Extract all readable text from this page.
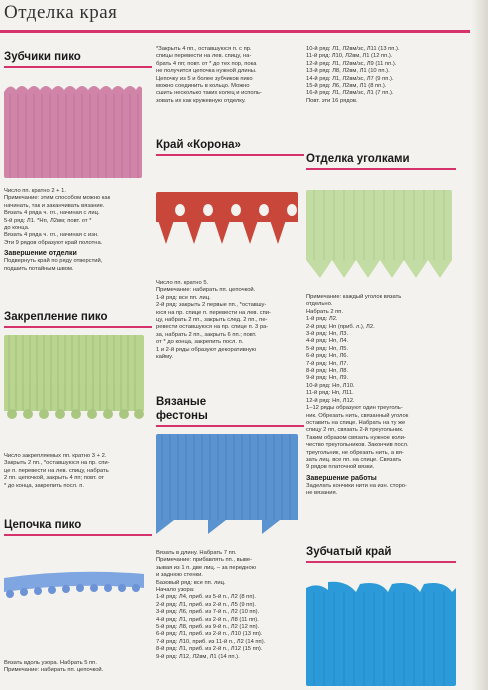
Отделка края

Зубчики пико

Число пп. кратно 2 + 1.
Примечание: этим способом можно как
начинать, так и заканчивать вязание.
Вязать 4 ряда ч. гл., начиная с лиц.
5-й ряд: Л1. *Нп, Л2вм; повт. от *
до конца.
Вязать 4 ряда ч. гл., начиная с изн.
Эти 9 рядов образуют край полотна.

Завершение отделки

Подвернуть край по ряду отверстий,
подшить потайным швом.

Закрепление пико

Число закрепляемых пп. кратно 3 + 2.
Закрыть 2 пп., *оставшуюся на пр. спи-
це п. перевести на лев. спицу, набрать
2 пп. цепочкой, закрыть 4 пп; повт. от
* до конца, закрепить посл. п.

Цепочка пико

Вязать вдоль узора. Набрать 5 пп.
Примечание: набирать пп. цепочкой.

*Закрыть 4 пп., оставшуюся п. с пр.
спицы перевести на лев. спицу, на-
брать 4 пп; повт. от * до тех пор, пока
не получится цепочка нужной длины.
Цепочку из 5 и более зубчиков пико
можно соединить в кольцо. Можно
сшить несколько таких колец и исполь-
зовать их как кружевную отделку.

Край «Корона»

Число пп. кратно 5.
Примечание: набирать пп. цепочкой.
1-й ряд: все пп. лиц.
2-й ряд: закрыть 2 первые пп., *оставшу-
юся на пр. спице п. перевести на лев. спи-
цу, набрать 2 пп., закрыть след. 2 пп., пе-
ревести оставшуюся на пр. спице п. 3 ра-
за, набрать 2 пп., закрыть 6 пп.; повт.
от * до конца, закрепить посл. п.
1 и 2-й ряды образуют декоративную
кайму.

Вязаные

фестоны

Вязать в длину. Набрать 7 пп.
Примечание: прибавлять пп., выве-
зывая из 1 п. две лиц. – за передною
и заднюю стенки.
Базовый ряд: все пп. лиц.
Начало узора:
1-й ряд: Л4, приб. из 5-й п., Л2 (8 пп).
2-й ряд: Л1, приб. из 2-й п., Л5 (9 пп).
3-й ряд: Л6, приб. из 7-й п., Л2 (10 пп).
4-й ряд: Л1, приб. из 2-й п., Л8 (11 пп).
5-й ряд: Л8, приб. из 9-й п., Л2 (12 пп).
6-й ряд: Л1, приб. из 2-й п., Л10 (13 пп).
7-й ряд: Л10, приб. из 11-й п., Л2 (14 пп).
8-й ряд: Л1, приб. из 2-й п., Л12 (15 пп).
9-й ряд: Л12, Л2вм, Л1 (14 пп.).

10-й ряд: Л1, Л2вм/зс, Л11 (13 пп.).
11-й ряд: Л10, Л2вм, Л1 (12 пп.).
12-й ряд: Л1, Л2вм/зс, Л9 (11 пп.).
13-й ряд: Л8, Л2вм, Л1 (10 пп.).
14-й ряд: Л1, Л2вм/зс, Л7 (9 пп.).
15-й ряд: Л6, Л2вм, Л1 (8 пп.).
16-й ряд: Л1, Л2вм/зс, Л1 (7 пп.).
Повт. эти 16 рядов.

Отделка уголками

Примечание: каждый уголок вязать
отдельно.
Набрать 2 пп.
1-й ряд: Л2.
2-й ряд: Нп (приб. л.), Л2.
3-й ряд: Нп, Л3.
4-й ряд: Нп, Л4.
5-й ряд: Нп, Л5.
6-й ряд: Нп, Л6.
7-й ряд: Нп, Л7.
8-й ряд: Нп, Л8.
9-й ряд: Нп, Л9.
10-й ряд: Нп, Л10.
11-й ряд: Нп, Л11.
12-й ряд: Нп, Л12.
1–12 ряды образуют один треуголь-
ник. Обрезать нить, связанный уголок
оставить на спице. Набрать на ту же
спицу 2 пп, связать 2-й треугольник.
Таким образом связать нужное коли-
чество треугольников. Закончив посл.
треугольник, не обрезать нить, а вя-
зать лиц. все пп. на спице. Связать
9 рядов платочной вязки.

Завершение работы

Заделать кончики нити на изн. сторо-
не вязания.

Зубчатый край
